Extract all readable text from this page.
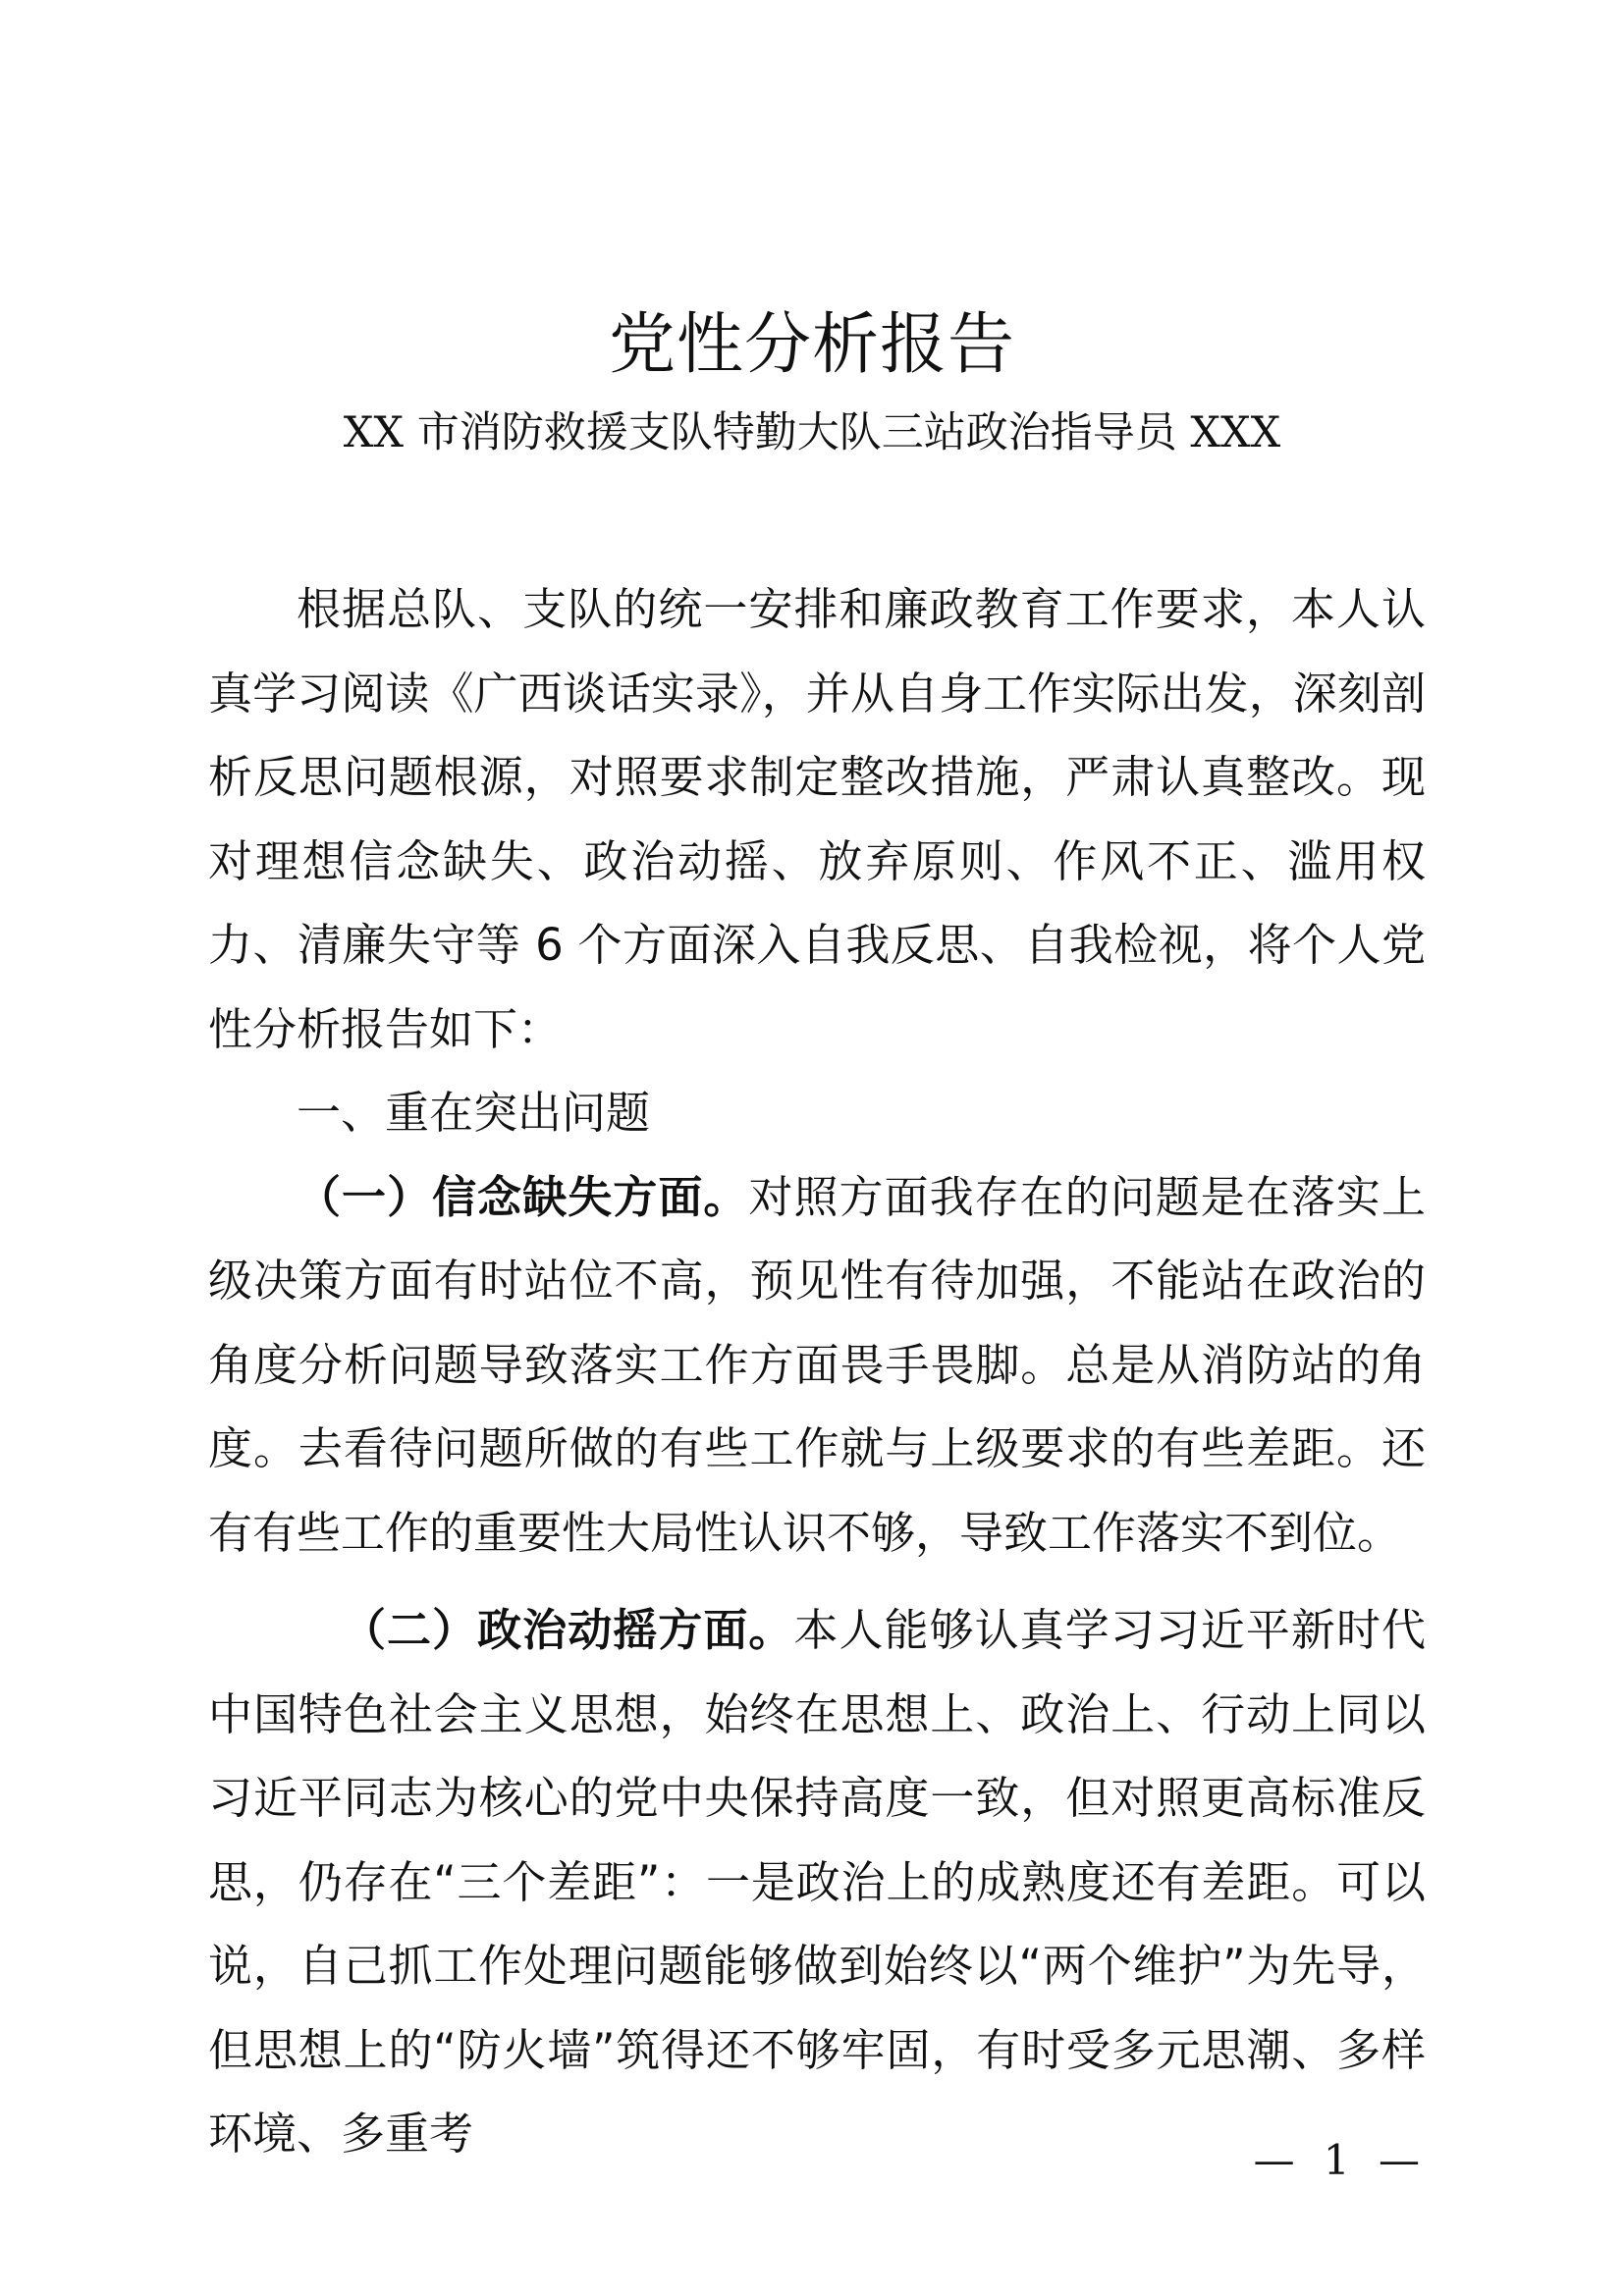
党性分析报告
XX 市消防救援支队特勤大队三站政治指导员 XXX

根据总队、支队的统一安排和廉政教育工作要求，本人认真学习阅读《广西谈话实录》，并从自身工作实际出发，深刻剖析反思问题根源，对照要求制定整改措施，严肃认真整改。现对理想信念缺失、政治动摇、放弃原则、作风不正、滥用权力、清廉失守等 6 个方面深入自我反思、自我检视，将个人党性分析报告如下：

一、重在突出问题

（一）信念缺失方面。对照方面我存在的问题是在落实上级决策方面有时站位不高，预见性有待加强，不能站在政治的角度分析问题导致落实工作方面畏手畏脚。总是从消防站的角度。去看待问题所做的有些工作就与上级要求的有些差距。还有有些工作的重要性大局性认识不够，导致工作落实不到位。

（二）政治动摇方面。本人能够认真学习习近平新时代中国特色社会主义思想，始终在思想上、政治上、行动上同以习近平同志为核心的党中央保持高度一致，但对照更高标准反思，仍存在“三个差距”：一是政治上的成熟度还有差距。可以说，自己抓工作处理问题能够做到始终以“两个维护”为先导，但思想上的“防火墙”筑得还不够牢固，有时受多元思潮、多样环境、多重考

— 1 —
